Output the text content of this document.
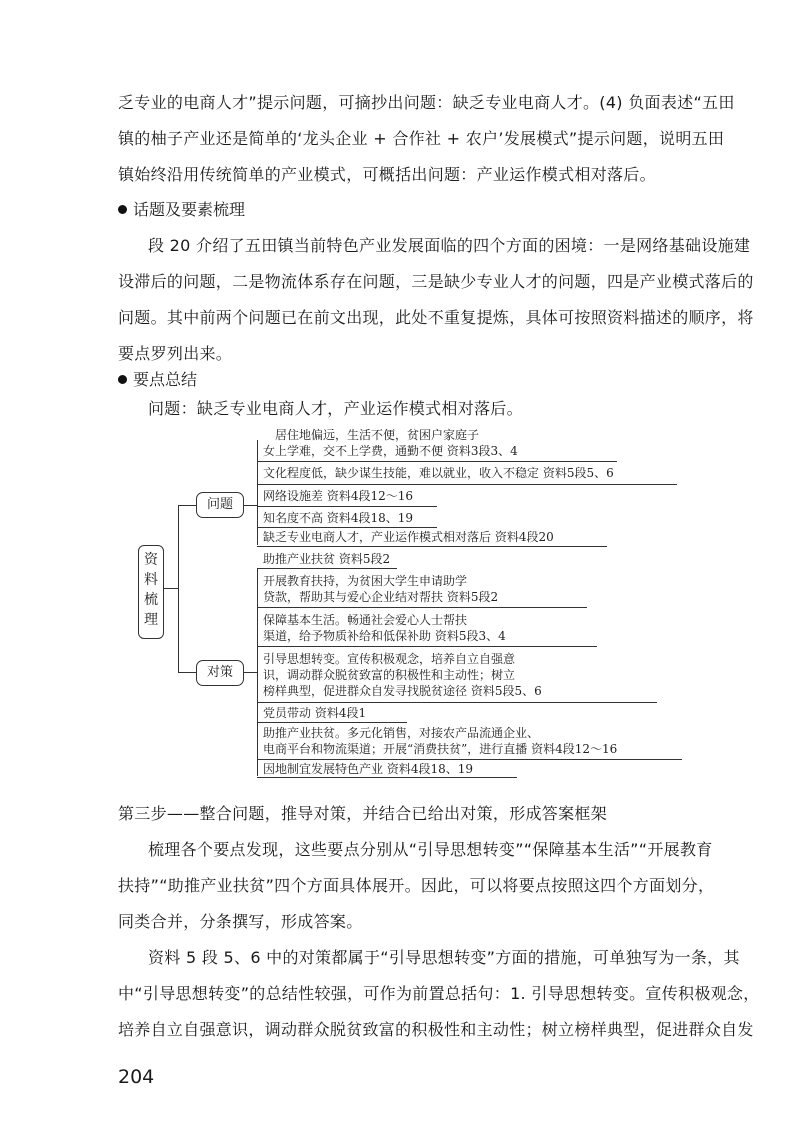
乏专业的电商人才”提示问题，可摘抄出问题：缺乏专业电商人才。(4) 负面表述“五田
镇的柚子产业还是简单的‘龙头企业 + 合作社 + 农户’发展模式”提示问题，说明五田
镇始终沿用传统简单的产业模式，可概括出问题：产业运作模式相对落后。
话题及要素梳理
段 20 介绍了五田镇当前特色产业发展面临的四个方面的困境：一是网络基础设施建
设滞后的问题，二是物流体系存在问题，三是缺少专业人才的问题，四是产业模式落后的
问题。其中前两个问题已在前文出现，此处不重复提炼，具体可按照资料描述的顺序，将
要点罗列出来。
要点总结
问题：缺乏专业电商人才，产业运作模式相对落后。
资料梳理
问题
居住地偏远，生活不便，贫困户家庭子
女上学难，交不上学费，通勤不便 资料3段3、4
文化程度低，缺少谋生技能，难以就业，收入不稳定 资料5段5、6
网络设施差 资料4段12～16
知名度不高 资料4段18、19
缺乏专业电商人才，产业运作模式相对落后 资料4段20
对策
助推产业扶贫 资料5段2
开展教育扶持，为贫困大学生申请助学
贷款，帮助其与爱心企业结对帮扶 资料5段2
保障基本生活。畅通社会爱心人士帮扶
渠道，给予物质补给和低保补助 资料5段3、4
引导思想转变。宣传积极观念，培养自立自强意
识，调动群众脱贫致富的积极性和主动性；树立
榜样典型，促进群众自发寻找脱贫途径 资料5段5、6
党员带动 资料4段1
助推产业扶贫。多元化销售，对接农产品流通企业、
电商平台和物流渠道；开展“消费扶贫”，进行直播 资料4段12～16
因地制宜发展特色产业 资料4段18、19
第三步——整合问题，推导对策，并结合已给出对策，形成答案框架
梳理各个要点发现，这些要点分别从“引导思想转变”“保障基本生活”“开展教育
扶持”“助推产业扶贫”四个方面具体展开。因此，可以将要点按照这四个方面划分，
同类合并，分条撰写，形成答案。
资料 5 段 5、6 中的对策都属于“引导思想转变”方面的措施，可单独写为一条，其
中“引导思想转变”的总结性较强，可作为前置总括句：1. 引导思想转变。宣传积极观念，
培养自立自强意识，调动群众脱贫致富的积极性和主动性；树立榜样典型，促进群众自发
204
